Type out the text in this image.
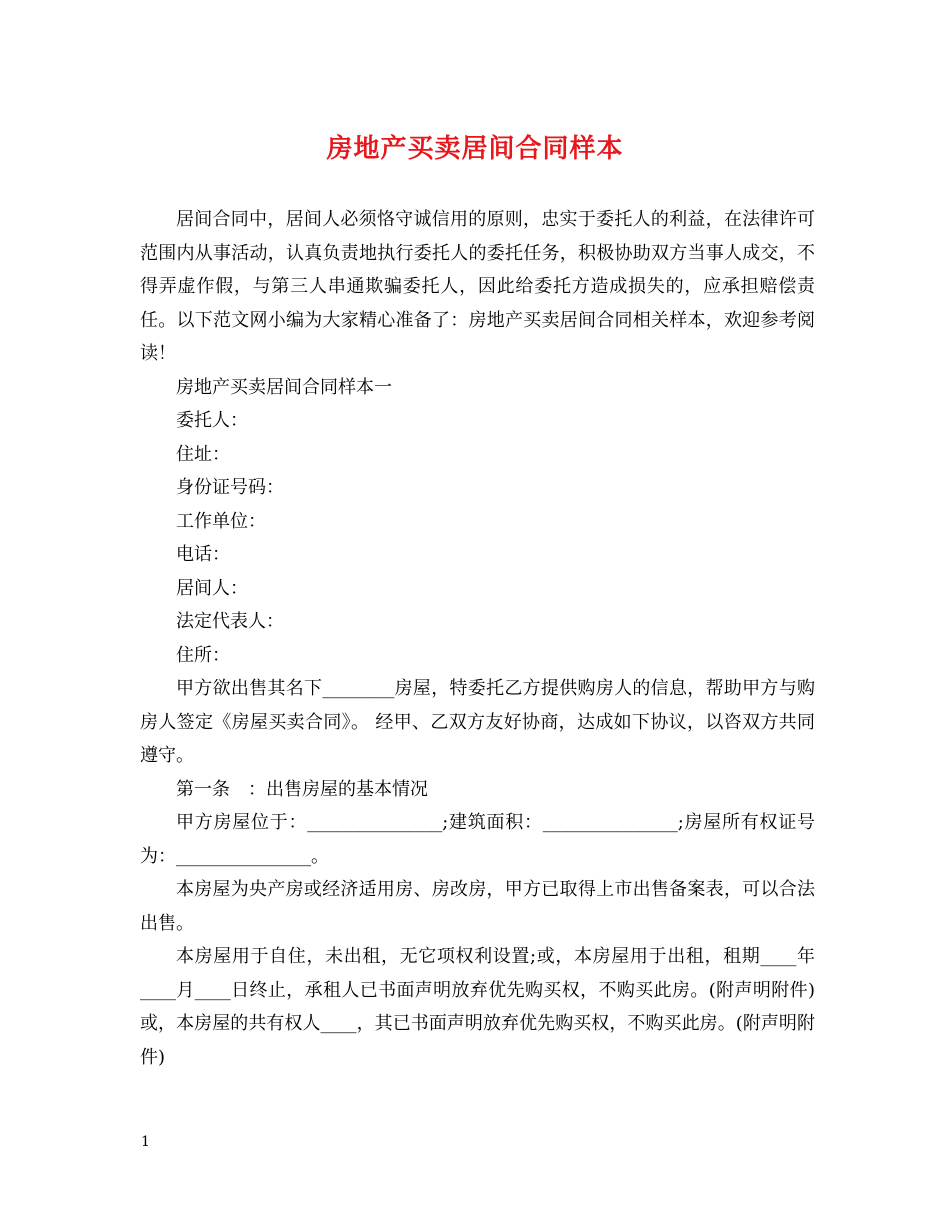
房地产买卖居间合同样本

居间合同中，居间人必须恪守诚信用的原则，忠实于委托人的利益，在法律许可范围内从事活动，认真负责地执行委托人的委托任务，积极协助双方当事人成交，不得弄虚作假，与第三人串通欺骗委托人，因此给委托方造成损失的，应承担赔偿责任。以下范文网小编为大家精心准备了：房地产买卖居间合同相关样本，欢迎参考阅读！

房地产买卖居间合同样本一

委托人：

住址：

身份证号码：

工作单位：

电话：

居间人：

法定代表人：

住所：

甲方欲出售其名下________房屋，特委托乙方提供购房人的信息，帮助甲方与购房人签定《房屋买卖合同》。 经甲、乙双方友好协商，达成如下协议，以咨双方共同遵守。

第一条　：出售房屋的基本情况

甲方房屋位于：_______________;建筑面积：_______________;房屋所有权证号为：_______________。

本房屋为央产房或经济适用房、房改房，甲方已取得上市出售备案表，可以合法出售。

本房屋用于自住，未出租，无它项权利设置;或，本房屋用于出租，租期____年____月____日终止，承租人已书面声明放弃优先购买权，不购买此房。(附声明附件)或，本房屋的共有权人____，其已书面声明放弃优先购买权，不购买此房。(附声明附件)

1
